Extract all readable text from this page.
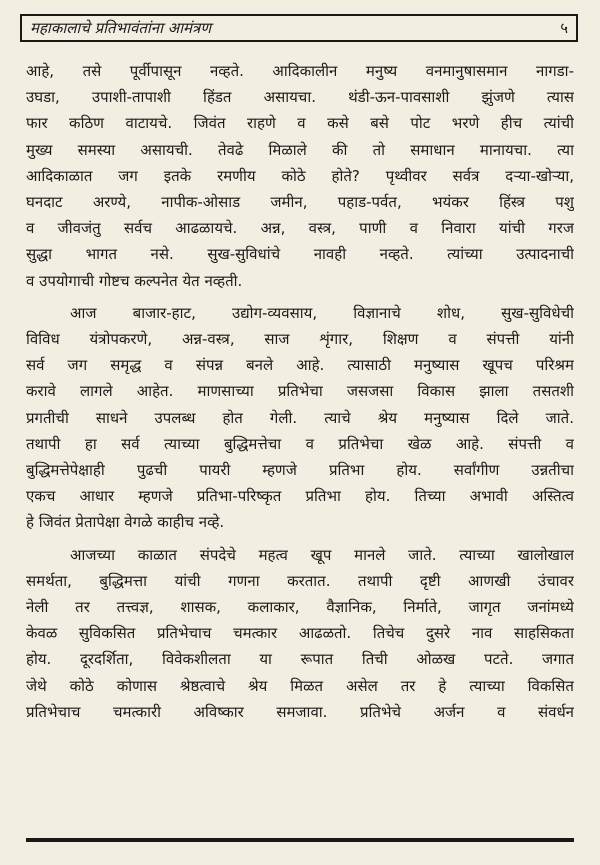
महाकालाचे प्रतिभावंतांना आमंत्रण	५
आहे, तसे पूर्वीपासून नव्हते. आदिकालीन मनुष्य वनमानुषासमान नागडा-
उघडा, उपाशी-तापाशी हिंडत असायचा. थंडी-ऊन-पावसाशी झुंजणे त्यास
फार कठिण वाटायचे. जिवंत राहणे व कसे बसे पोट भरणे हीच त्यांची
मुख्य समस्या असायची. तेवढे मिळाले की तो समाधान मानायचा. त्या
आदिकाळात जग इतके रमणीय कोठे होते? पृथ्वीवर सर्वत्र दऱ्या-खोऱ्या,
घनदाट अरण्ये, नापीक-ओसाड जमीन, पहाड-पर्वत, भयंकर हिंस्त्र पशु
व जीवजंतु सर्वच आढळायचे. अन्न, वस्त्र, पाणी व निवारा यांची गरज
सुद्धा भागत नसे. सुख-सुविधांचे नावही नव्हते. त्यांच्या उत्पादनाची
व उपयोगाची गोष्टच कल्पनेत येत नव्हती.
आज बाजार-हाट, उद्योग-व्यवसाय, विज्ञानाचे शोध, सुख-सुविधेची
विविध यंत्रोपकरणे, अन्न-वस्त्र, साज शृंगार, शिक्षण व संपत्ती यांनी
सर्व जग समृद्ध व संपन्न बनले आहे. त्यासाठी मनुष्यास खूपच परिश्रम
करावे लागले आहेत. माणसाच्या प्रतिभेचा जसजसा विकास झाला तसतशी
प्रगतीची साधने उपलब्ध होत गेली. त्याचे श्रेय मनुष्यास दिले जाते.
तथापी हा सर्व त्याच्या बुद्धिमत्तेचा व प्रतिभेचा खेळ आहे. संपत्ती व
बुद्धिमत्तेपेक्षाही पुढची पायरी म्हणजे प्रतिभा होय. सर्वांगीण उन्नतीचा
एकच आधार म्हणजे प्रतिभा-परिष्कृत प्रतिभा होय. तिच्या अभावी अस्तित्व
हे जिवंत प्रेतापेक्षा वेगळे काहीच नव्हे.
आजच्या काळात संपदेचे महत्व खूप मानले जाते. त्याच्या खालोखाल
समर्थता, बुद्धिमत्ता यांची गणना करतात. तथापी दृष्टी आणखी उंचावर
नेली तर तत्त्वज्ञ, शासक, कलाकार, वैज्ञानिक, निर्माते, जागृत जनांमध्ये
केवळ सुविकसित प्रतिभेचाच चमत्कार आढळतो. तिचेच दुसरे नाव साहसिकता
होय. दूरदर्शिता, विवेकशीलता या रूपात तिची ओळख पटते. जगात
जेथे कोठे कोणास श्रेष्ठत्वाचे श्रेय मिळत असेल तर हे त्याच्या विकसित
प्रतिभेचाच चमत्कारी अविष्कार समजावा. प्रतिभेचे अर्जन व संवर्धन
